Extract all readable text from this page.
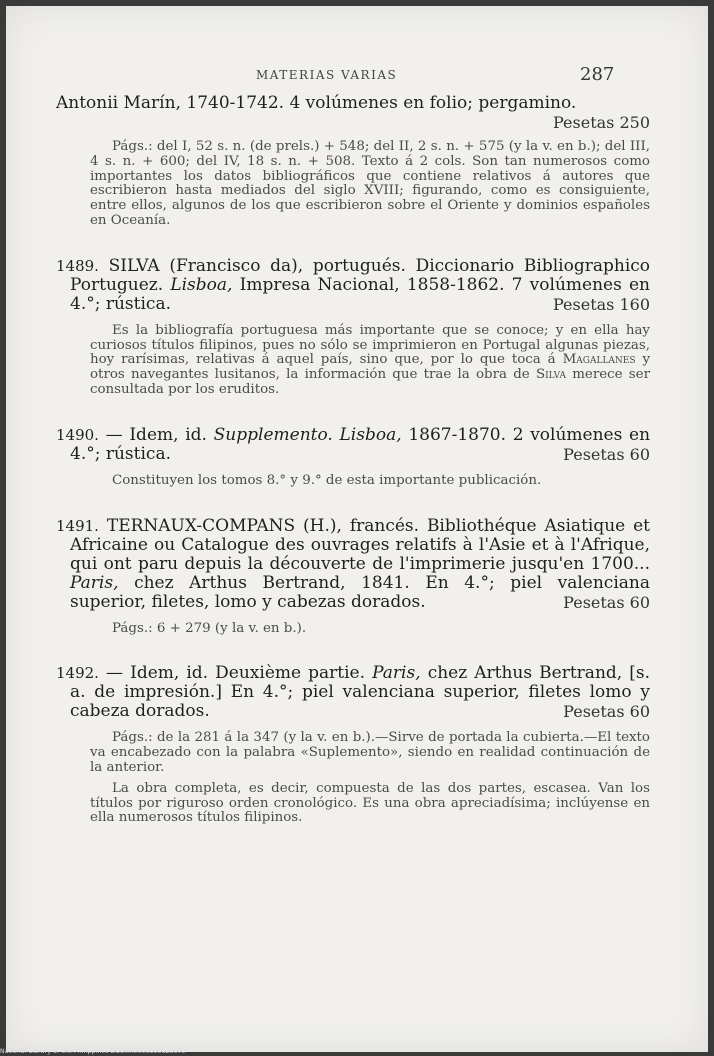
MATERIAS VARIAS	287

Antonii Marín, 1740-1742. 4 volúmenes en folio; pergamino.

Pesetas 250

Págs.: del I, 52 s. n. (de prels.) + 548; del II, 2 s. n. + 575 (y la v. en b.); del III, 4 s. n. + 600; del IV, 18 s. n. + 508. Texto á 2 cols. Son tan numerosos como importantes los datos bibliográficos que contiene relativos á autores que escribieron hasta mediados del siglo XVIII; figurando, como es consiguiente, entre ellos, algunos de los que escribieron sobre el Oriente y dominios españoles en Oceanía.

1489. SILVA (Francisco da), portugués. Diccionario Bibliographico Portuguez. Lisboa, Impresa Nacional, 1858-1862. 7 volúmenes en 4.°; rústica.	Pesetas 160

Es la bibliografía portuguesa más importante que se conoce; y en ella hay curiosos títulos filipinos, pues no sólo se imprimieron en Portugal algunas piezas, hoy rarísimas, relativas á aquel país, sino que, por lo que toca á Magallanes y otros navegantes lusitanos, la información que trae la obra de Silva merece ser consultada por los eruditos.

1490. — Idem, id. Supplemento. Lisboa, 1867-1870. 2 volúmenes en 4.°; rústica.	Pesetas 60

Constituyen los tomos 8.° y 9.° de esta importante publicación.

1491. TERNAUX-COMPANS (H.), francés. Bibliothéque Asiatique et Africaine ou Catalogue des ouvrages relatifs à l'Asie et à l'Afrique, qui ont paru depuis la découverte de l'imprimerie jusqu'en 1700... Paris, chez Arthus Bertrand, 1841. En 4.°; piel valenciana superior, filetes, lomo y cabezas dorados.	Pesetas 60

Págs.: 6 + 279 (y la v. en b.).

1492. — Idem, id. Deuxième partie. Paris, chez Arthus Bertrand, [s. a. de impresión.] En 4.°; piel valenciana superior, filetes lomo y cabeza dorados.	Pesetas 60

Págs.: de la 281 á la 347 (y la v. en b.).—Sirve de portada la cubierta.—El texto va encabezado con la palabra «Suplemento», siendo en realidad continuación de la anterior.

La obra completa, es decir, compuesta de las dos partes, escasea. Van los títulos por riguroso orden cronológico. Es una obra apreciadísima; inclúyense en ella numerosos títulos filipinos.

National Library of the Philippines DO3HR00003958239T9
